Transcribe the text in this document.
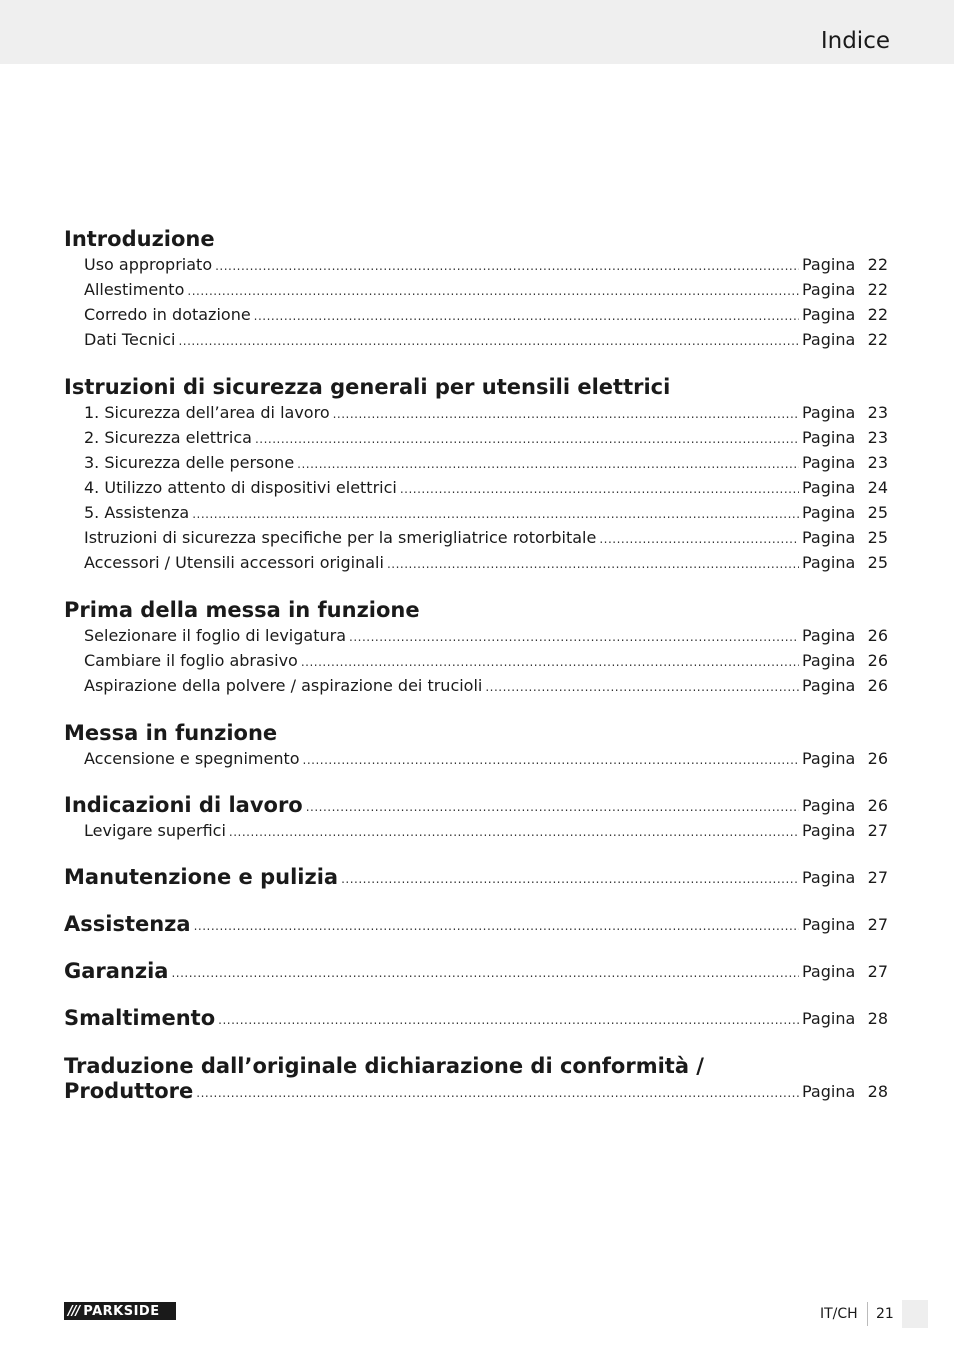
Indice
Introduzione
Uso appropriato .....	Pagina 22
Allestimento .....	Pagina 22
Corredo in dotazione .....	Pagina 22
Dati Tecnici .....	Pagina 22
Istruzioni di sicurezza generali per utensili elettrici
1. Sicurezza dell’area di lavoro .....	Pagina 23
2. Sicurezza elettrica .....	Pagina 23
3. Sicurezza delle persone .....	Pagina 23
4. Utilizzo attento di dispositivi elettrici .....	Pagina 24
5. Assistenza .....	Pagina 25
Istruzioni di sicurezza specifiche per la smerigliatrice rotorbitale .....	Pagina 25
Accessori / Utensili accessori originali .....	Pagina 25
Prima della messa in funzione
Selezionare il foglio di levigatura .....	Pagina 26
Cambiare il foglio abrasivo .....	Pagina 26
Aspirazione della polvere / aspirazione dei trucioli .....	Pagina 26
Messa in funzione
Accensione e spegnimento .....	Pagina 26
Indicazioni di lavoro .....	Pagina 26
Levigare superfici .....	Pagina 27
Manutenzione e pulizia .....	Pagina 27
Assistenza .....	Pagina 27
Garanzia .....	Pagina 27
Smaltimento .....	Pagina 28
Traduzione dall’originale dichiarazione di conformità /
Produttore .....	Pagina 28
/// PARKSIDE	IT/CH 21
